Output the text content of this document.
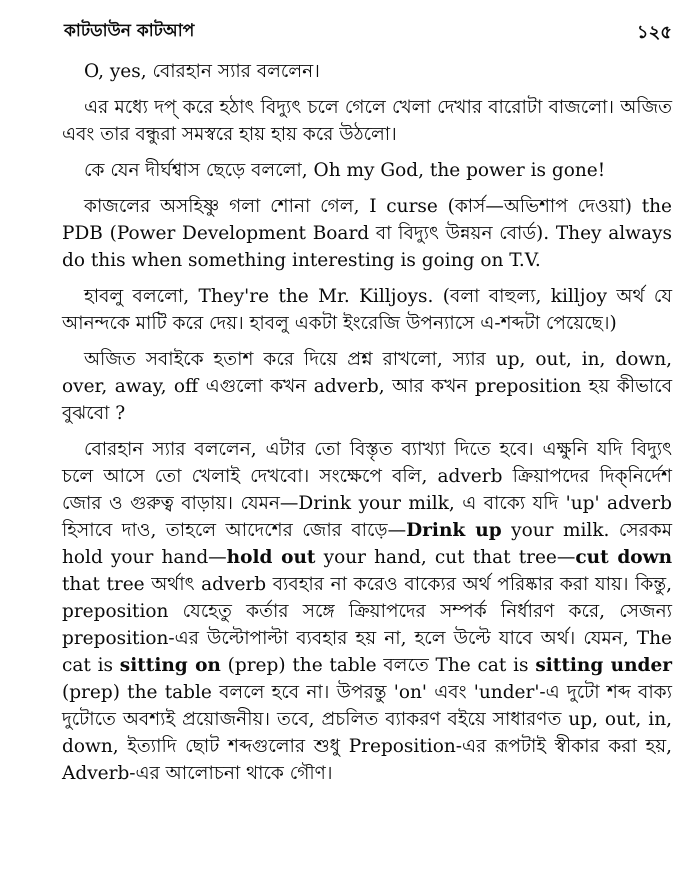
কাটডাউন কাটআপ	১২৫

O, yes, বোরহান স্যার বললেন।

এর মধ্যে দপ্ করে হঠাৎ বিদ্যুৎ চলে গেলে খেলা দেখার বারোটা বাজলো। অজিত এবং তার বন্ধুরা সমস্বরে হায় হায় করে উঠলো।

কে যেন দীর্ঘশ্বাস ছেড়ে বললো, Oh my God, the power is gone!

কাজলের অসহিষ্ণু গলা শোনা গেল, I curse (কার্স—অভিশাপ দেওয়া) the PDB (Power Development Board বা বিদ্যুৎ উন্নয়ন বোর্ড). They always do this when something interesting is going on T.V.

হাবলু বললো, They're the Mr. Killjoys. (বলা বাহুল্য, killjoy অর্থ যে আনন্দকে মাটি করে দেয়। হাবলু একটা ইংরেজি উপন্যাসে এ-শব্দটা পেয়েছে।)

অজিত সবাইকে হতাশ করে দিয়ে প্রশ্ন রাখলো, স্যার up, out, in, down, over, away, off এগুলো কখন adverb, আর কখন preposition হয় কীভাবে বুঝবো ?

বোরহান স্যার বললেন, এটার তো বিস্তৃত ব্যাখ্যা দিতে হবে। এক্ষুনি যদি বিদ্যুৎ চলে আসে তো খেলাই দেখবো। সংক্ষেপে বলি, adverb ক্রিয়াপদের দিক্‌নির্দেশ জোর ও গুরুত্ব বাড়ায়। যেমন—Drink your milk, এ বাক্যে যদি 'up' adverb হিসাবে দাও, তাহলে আদেশের জোর বাড়ে—Drink up your milk. সেরকম hold your hand—hold out your hand, cut that tree—cut down that tree অর্থাৎ adverb ব্যবহার না করেও বাক্যের অর্থ পরিষ্কার করা যায়। কিন্তু, preposition যেহেতু কর্তার সঙ্গে ক্রিয়াপদের সম্পর্ক নির্ধারণ করে, সেজন্য preposition-এর উল্টোপাল্টা ব্যবহার হয় না, হলে উল্টে যাবে অর্থ। যেমন, The cat is sitting on (prep) the table বলতে The cat is sitting under (prep) the table বললে হবে না। উপরন্তু 'on' এবং 'under'-এ দুটো শব্দ বাক্য দুটোতে অবশ্যই প্রয়োজনীয়। তবে, প্রচলিত ব্যাকরণ বইয়ে সাধারণত up, out, in, down, ইত্যাদি ছোট শব্দগুলোর শুধু Preposition-এর রূপটাই স্বীকার করা হয়, Adverb-এর আলোচনা থাকে গৌণ।
